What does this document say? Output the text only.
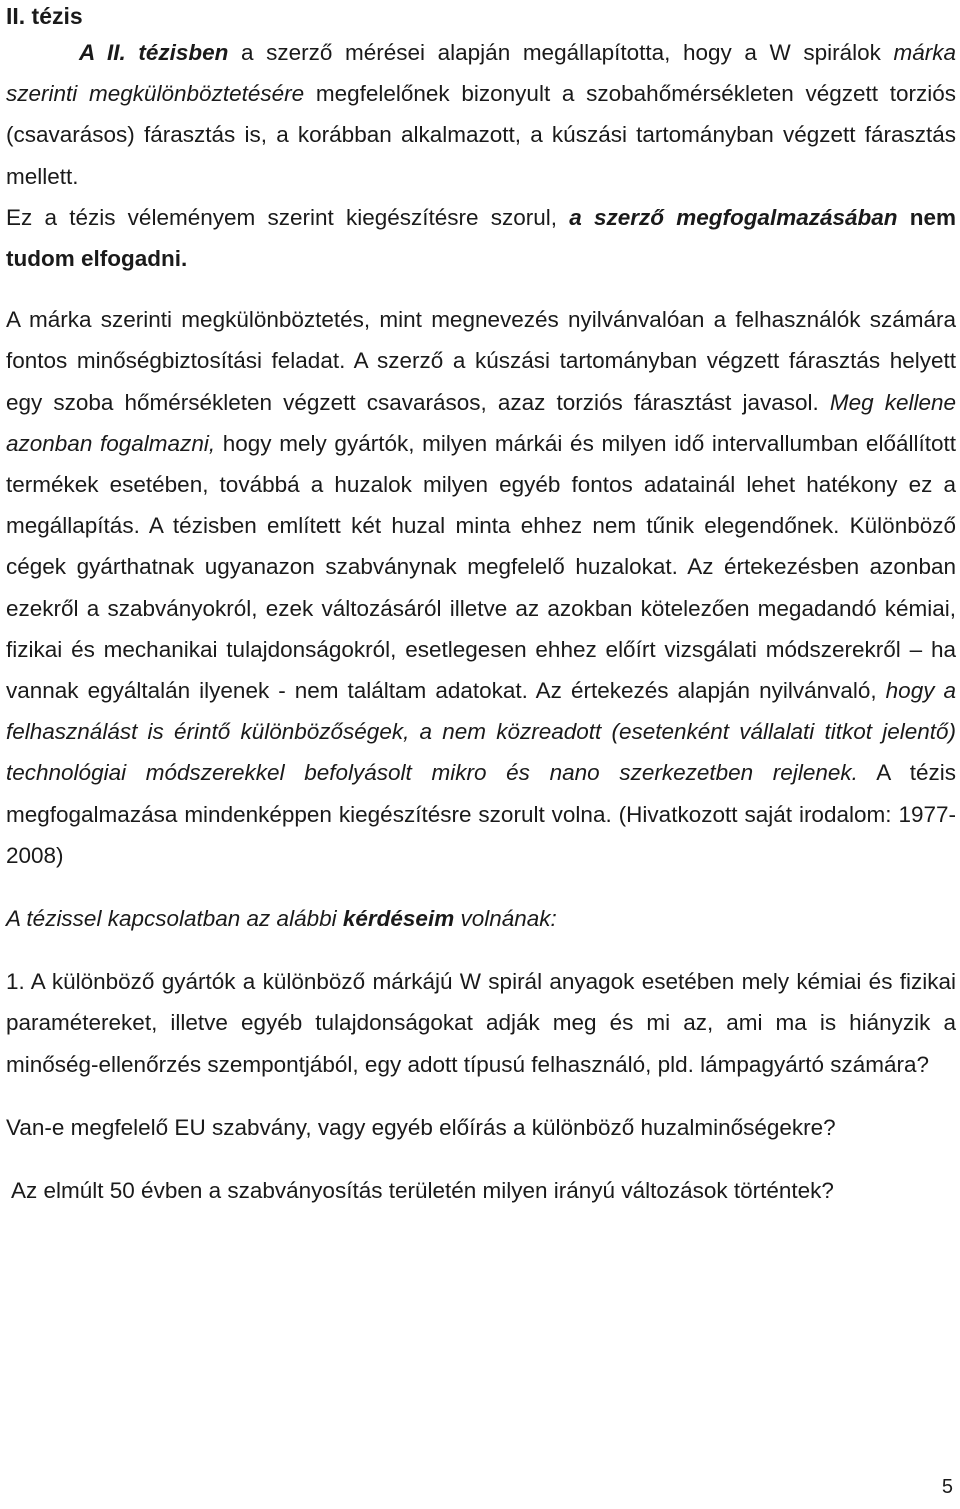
II. tézis

A II. tézisben a szerző mérései alapján megállapította, hogy a W spirálok márka szerinti megkülönböztetésére megfelelőnek bizonyult a szobahőmérsékleten végzett torziós (csavarásos) fárasztás is, a korábban alkalmazott, a kúszási tartományban végzett fárasztás mellett.

Ez a tézis véleményem szerint kiegészítésre szorul, a szerző megfogalmazásában nem tudom elfogadni.

A márka szerinti megkülönböztetés, mint megnevezés nyilvánvalóan a felhasználók számára fontos minőségbiztosítási feladat. A szerző a kúszási tartományban végzett fárasztás helyett egy szoba hőmérsékleten végzett csavarásos, azaz torziós fárasztást javasol. Meg kellene azonban fogalmazni, hogy mely gyártók, milyen márkái és milyen idő intervallumban előállított termékek esetében, továbbá a huzalok milyen egyéb fontos adatainál lehet hatékony ez a megállapítás. A tézisben említett két huzal minta ehhez nem tűnik elegendőnek. Különböző cégek gyárthatnak ugyanazon szabványnak megfelelő huzalokat. Az értekezésben azonban ezekről a szabványokról, ezek változásáról illetve az azokban kötelezően megadandó kémiai, fizikai és mechanikai tulajdonságokról, esetlegesen ehhez előírt vizsgálati módszerekről – ha vannak egyáltalán ilyenek - nem találtam adatokat. Az értekezés alapján nyilvánvaló, hogy a felhasználást is érintő különbözőségek, a nem közreadott (esetenként vállalati titkot jelentő) technológiai módszerekkel befolyásolt mikro és nano szerkezetben rejlenek. A tézis megfogalmazása mindenképpen kiegészítésre szorult volna. (Hivatkozott saját irodalom: 1977-2008)

A tézissel kapcsolatban az alábbi kérdéseim volnának:

1. A különböző gyártók a különböző márkájú W spirál anyagok esetében mely kémiai és fizikai paramétereket, illetve egyéb tulajdonságokat adják meg és mi az, ami ma is hiányzik a minőség-ellenőrzés szempontjából, egy adott típusú felhasználó, pld. lámpagyártó számára?

Van-e megfelelő EU szabvány, vagy egyéb előírás a különböző huzalminőségekre?

Az elmúlt 50 évben a szabványosítás területén milyen irányú változások történtek?

5
